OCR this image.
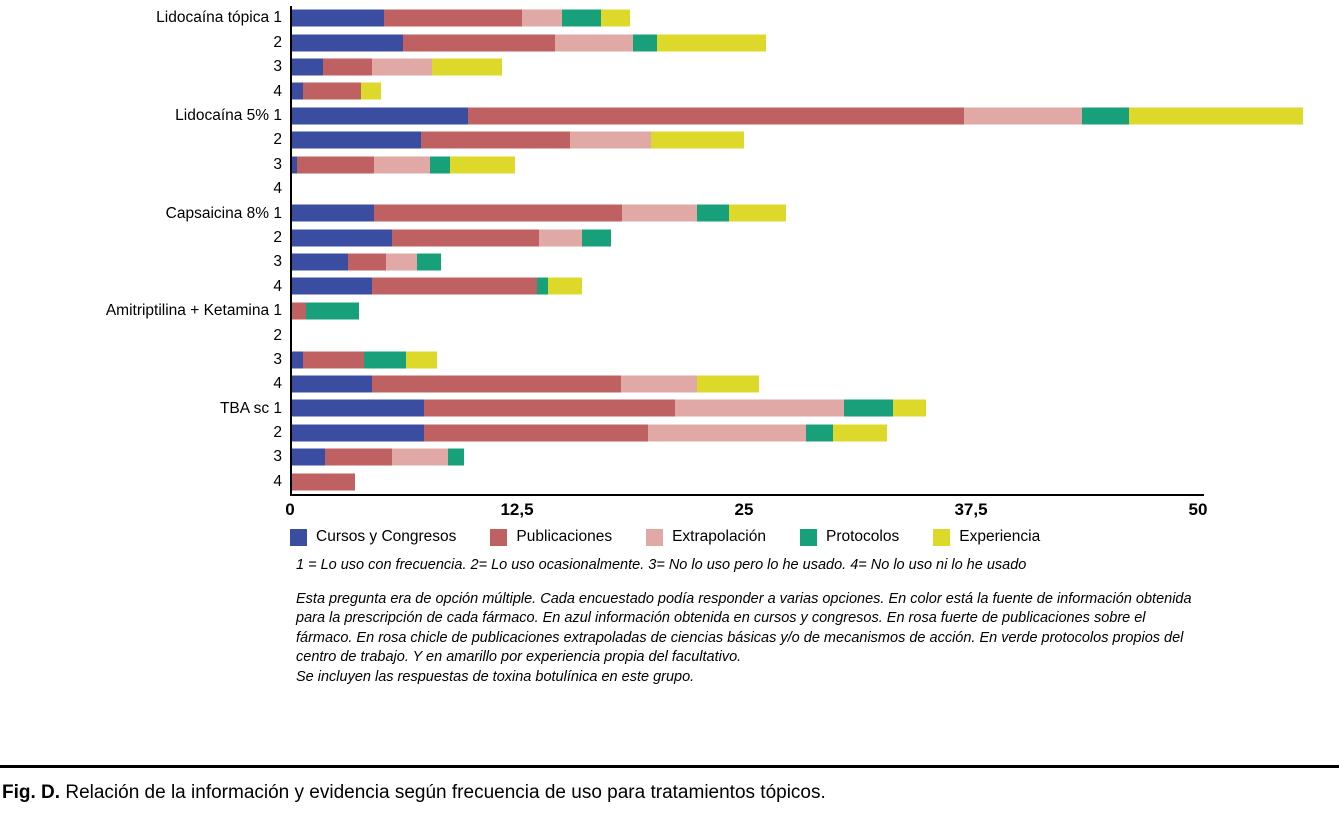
Lidocaína tópica 1
2
3
4
Lidocaína 5% 1
2
3
4
Capsaicina 8% 1
2
3
4
Amitriptilina + Ketamina 1
2
3
4
TBA sc 1
2
3
4
0	12,5	25	37,5	50
Cursos y Congresos	Publicaciones	Extrapolación	Protocolos	Experiencia

1 = Lo uso con frecuencia. 2= Lo uso ocasionalmente. 3= No lo uso pero lo he usado. 4= No lo uso ni lo he usado

Esta pregunta era de opción múltiple. Cada encuestado podía responder a varias opciones. En color está la fuente de información obtenida para la prescripción de cada fármaco. En azul información obtenida en cursos y congresos. En rosa fuerte de publicaciones sobre el fármaco. En rosa chicle de publicaciones extrapoladas de ciencias básicas y/o de mecanismos de acción. En verde protocolos propios del centro de trabajo. Y en amarillo por experiencia propia del facultativo.

Se incluyen las respuestas de toxina botulínica en este grupo.

Fig. D. Relación de la información y evidencia según frecuencia de uso para tratamientos tópicos.
